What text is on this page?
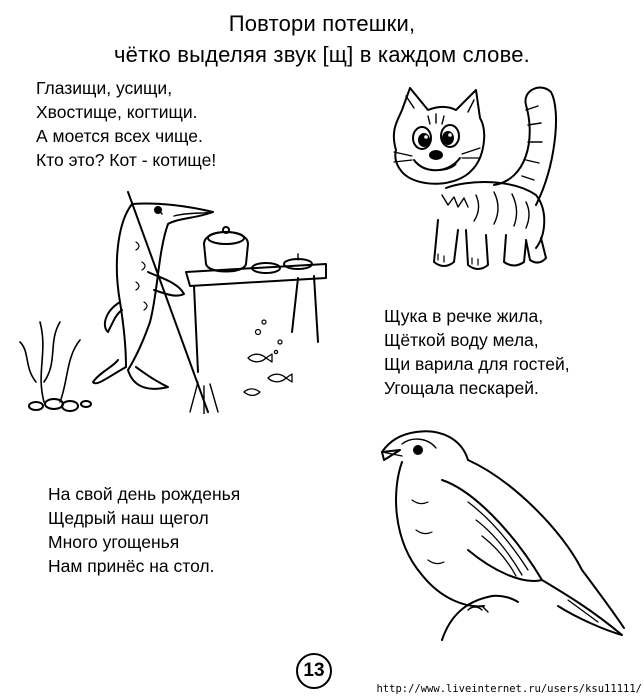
Повтори потешки,
чётко выделяя звук [щ] в каждом слове.
Глазищи, усищи,
Хвостище, когтищи.
А моется всех чище.
Кто это? Кот - котище!
Щука в речке жила,
Щёткой воду мела,
Щи варила для гостей,
Угощала пескарей.
На свой день рожденья
Щедрый наш щегол
Много угощенья
Нам принёс на стол.
13
http://www.liveinternet.ru/users/ksu11111/
